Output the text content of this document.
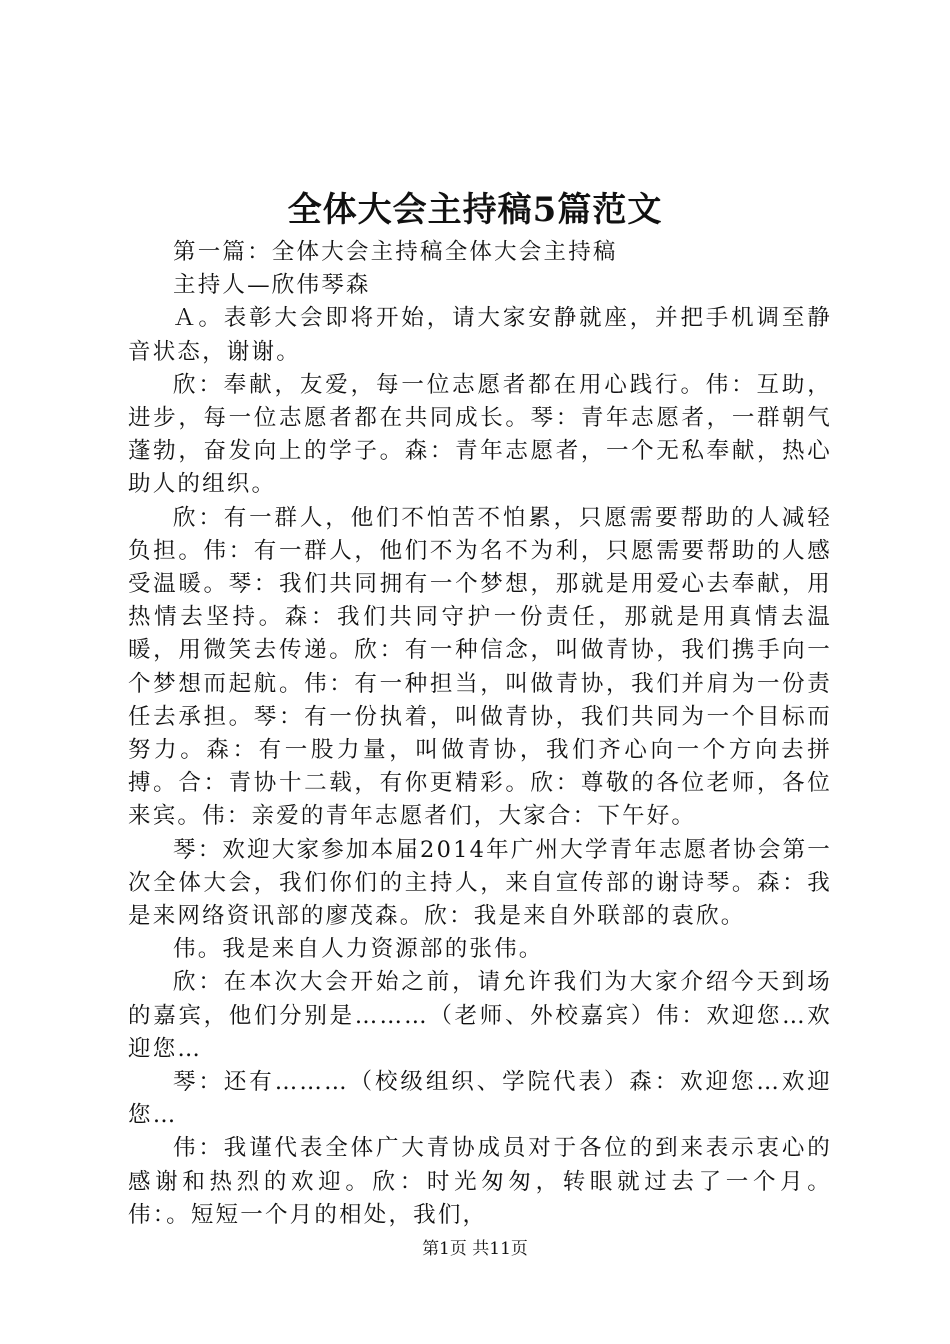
全体大会主持稿5篇范文

第一篇：全体大会主持稿全体大会主持稿

主持人—欣伟琴森

Ａ。表彰大会即将开始，请大家安静就座，并把手机调至静音状态，谢谢。

欣：奉献，友爱，每一位志愿者都在用心践行。伟：互助，进步，每一位志愿者都在共同成长。琴：青年志愿者，一群朝气蓬勃，奋发向上的学子。森：青年志愿者，一个无私奉献，热心助人的组织。

欣：有一群人，他们不怕苦不怕累，只愿需要帮助的人减轻负担。伟：有一群人，他们不为名不为利，只愿需要帮助的人感受温暖。琴：我们共同拥有一个梦想，那就是用爱心去奉献，用热情去坚持。森：我们共同守护一份责任，那就是用真情去温暖，用微笑去传递。欣：有一种信念，叫做青协，我们携手向一个梦想而起航。伟：有一种担当，叫做青协，我们并肩为一份责任去承担。琴：有一份执着，叫做青协，我们共同为一个目标而努力。森：有一股力量，叫做青协，我们齐心向一个方向去拼搏。合：青协十二载，有你更精彩。欣：尊敬的各位老师，各位来宾。伟：亲爱的青年志愿者们，大家合：下午好。

琴：欢迎大家参加本届2014年广州大学青年志愿者协会第一次全体大会，我们你们的主持人，来自宣传部的谢诗琴。森：我是来网络资讯部的廖茂森。欣：我是来自外联部的袁欣。

伟。我是来自人力资源部的张伟。

欣：在本次大会开始之前，请允许我们为大家介绍今天到场的嘉宾，他们分别是………（老师、外校嘉宾）伟：欢迎您…欢迎您…

琴：还有………（校级组织、学院代表）森：欢迎您…欢迎您…

伟：我谨代表全体广大青协成员对于各位的到来表示衷心的感谢和热烈的欢迎。欣：时光匆匆，转眼就过去了一个月。伟：。短短一个月的相处，我们，

第1页 共11页
